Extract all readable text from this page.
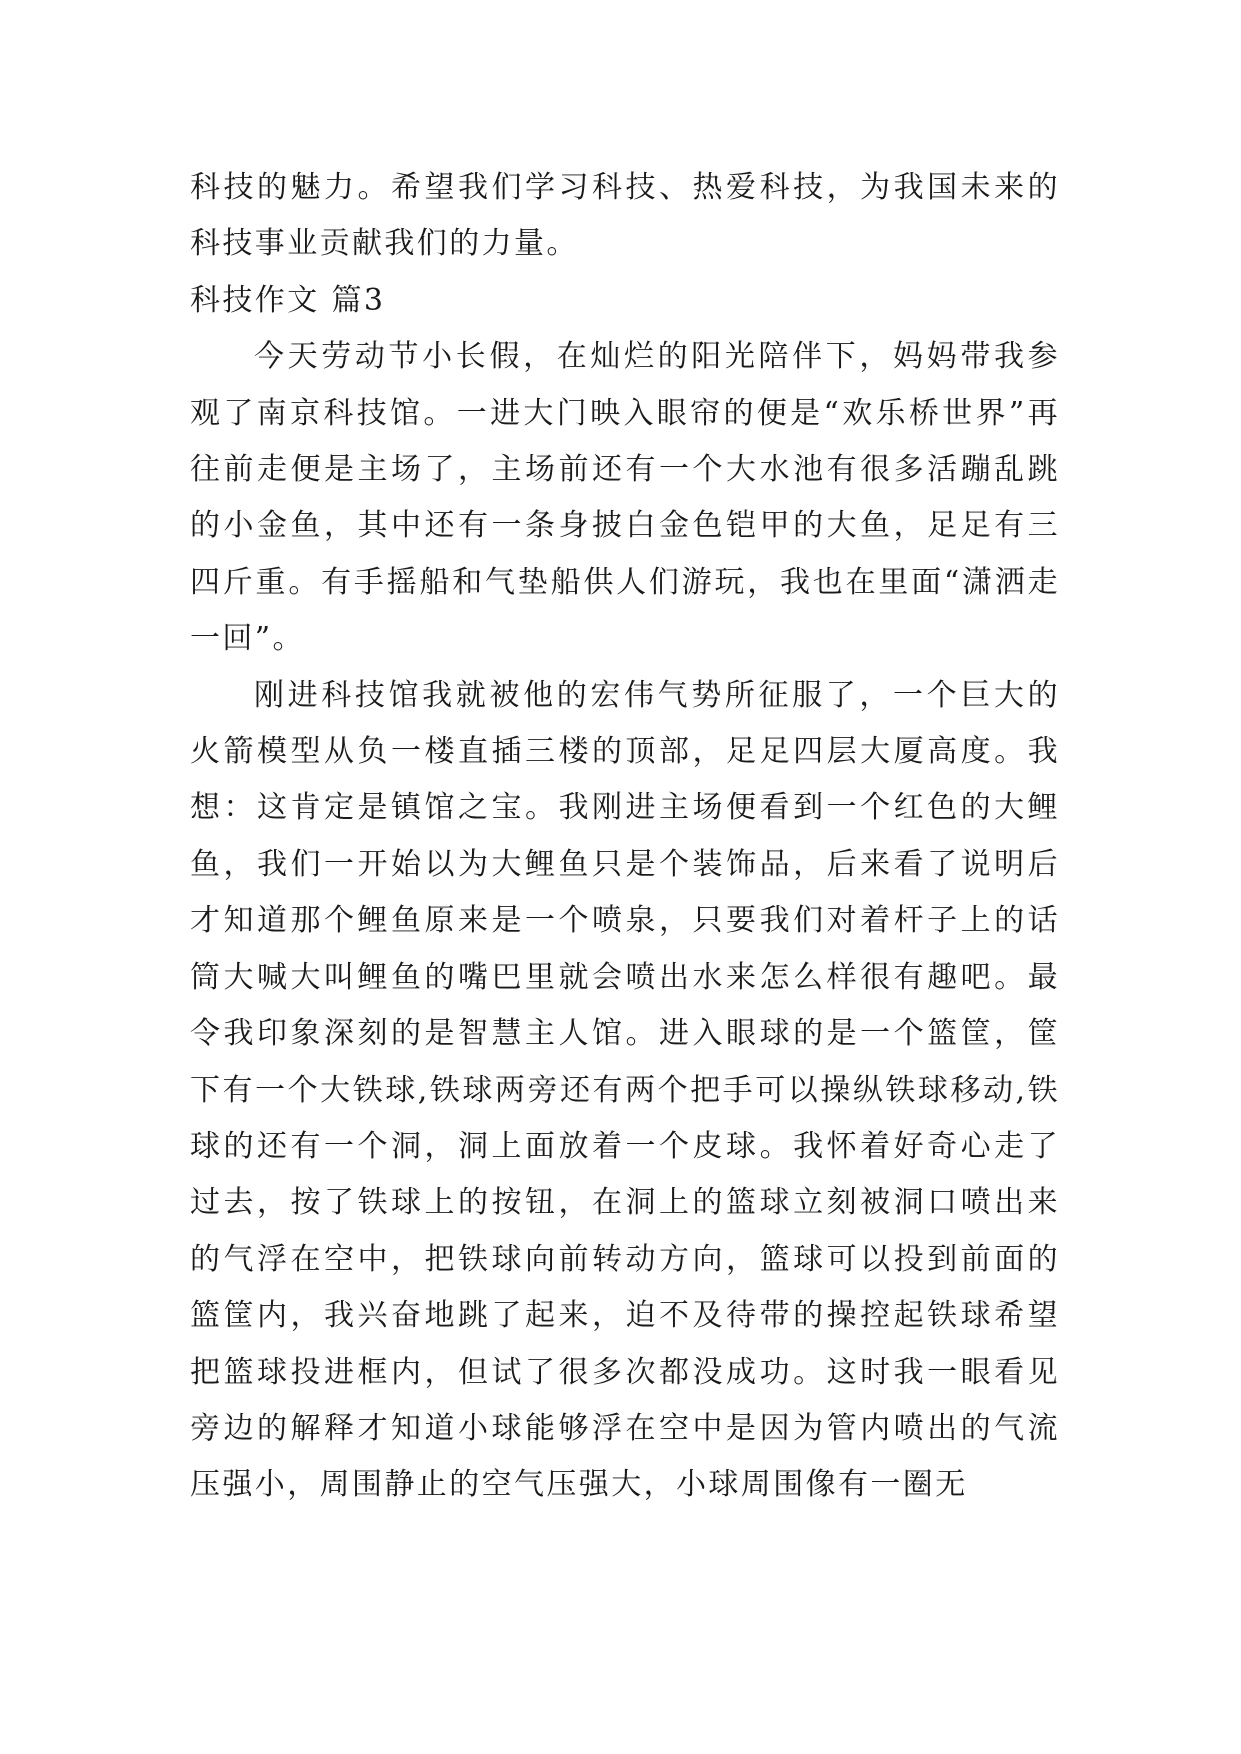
科技的魅力。希望我们学习科技、热爱科技，为我国未来的科技事业贡献我们的力量。

科技作文 篇3

今天劳动节小长假，在灿烂的阳光陪伴下，妈妈带我参观了南京科技馆。一进大门映入眼帘的便是“欢乐桥世界”再往前走便是主场了，主场前还有一个大水池有很多活蹦乱跳的小金鱼，其中还有一条身披白金色铠甲的大鱼，足足有三四斤重。有手摇船和气垫船供人们游玩，我也在里面“潇洒走一回”。

刚进科技馆我就被他的宏伟气势所征服了，一个巨大的火箭模型从负一楼直插三楼的顶部，足足四层大厦高度。我想：这肯定是镇馆之宝。我刚进主场便看到一个红色的大鲤鱼，我们一开始以为大鲤鱼只是个装饰品，后来看了说明后才知道那个鲤鱼原来是一个喷泉，只要我们对着杆子上的话筒大喊大叫鲤鱼的嘴巴里就会喷出水来怎么样很有趣吧。最令我印象深刻的是智慧主人馆。进入眼球的是一个篮筐，筐下有一个大铁球,铁球两旁还有两个把手可以操纵铁球移动,铁球的还有一个洞，洞上面放着一个皮球。我怀着好奇心走了过去，按了铁球上的按钮，在洞上的篮球立刻被洞口喷出来的气浮在空中，把铁球向前转动方向，篮球可以投到前面的篮筐内，我兴奋地跳了起来，迫不及待带的操控起铁球希望把篮球投进框内，但试了很多次都没成功。这时我一眼看见旁边的解释才知道小球能够浮在空中是因为管内喷出的气流压强小，周围静止的空气压强大，小球周围像有一圈无
